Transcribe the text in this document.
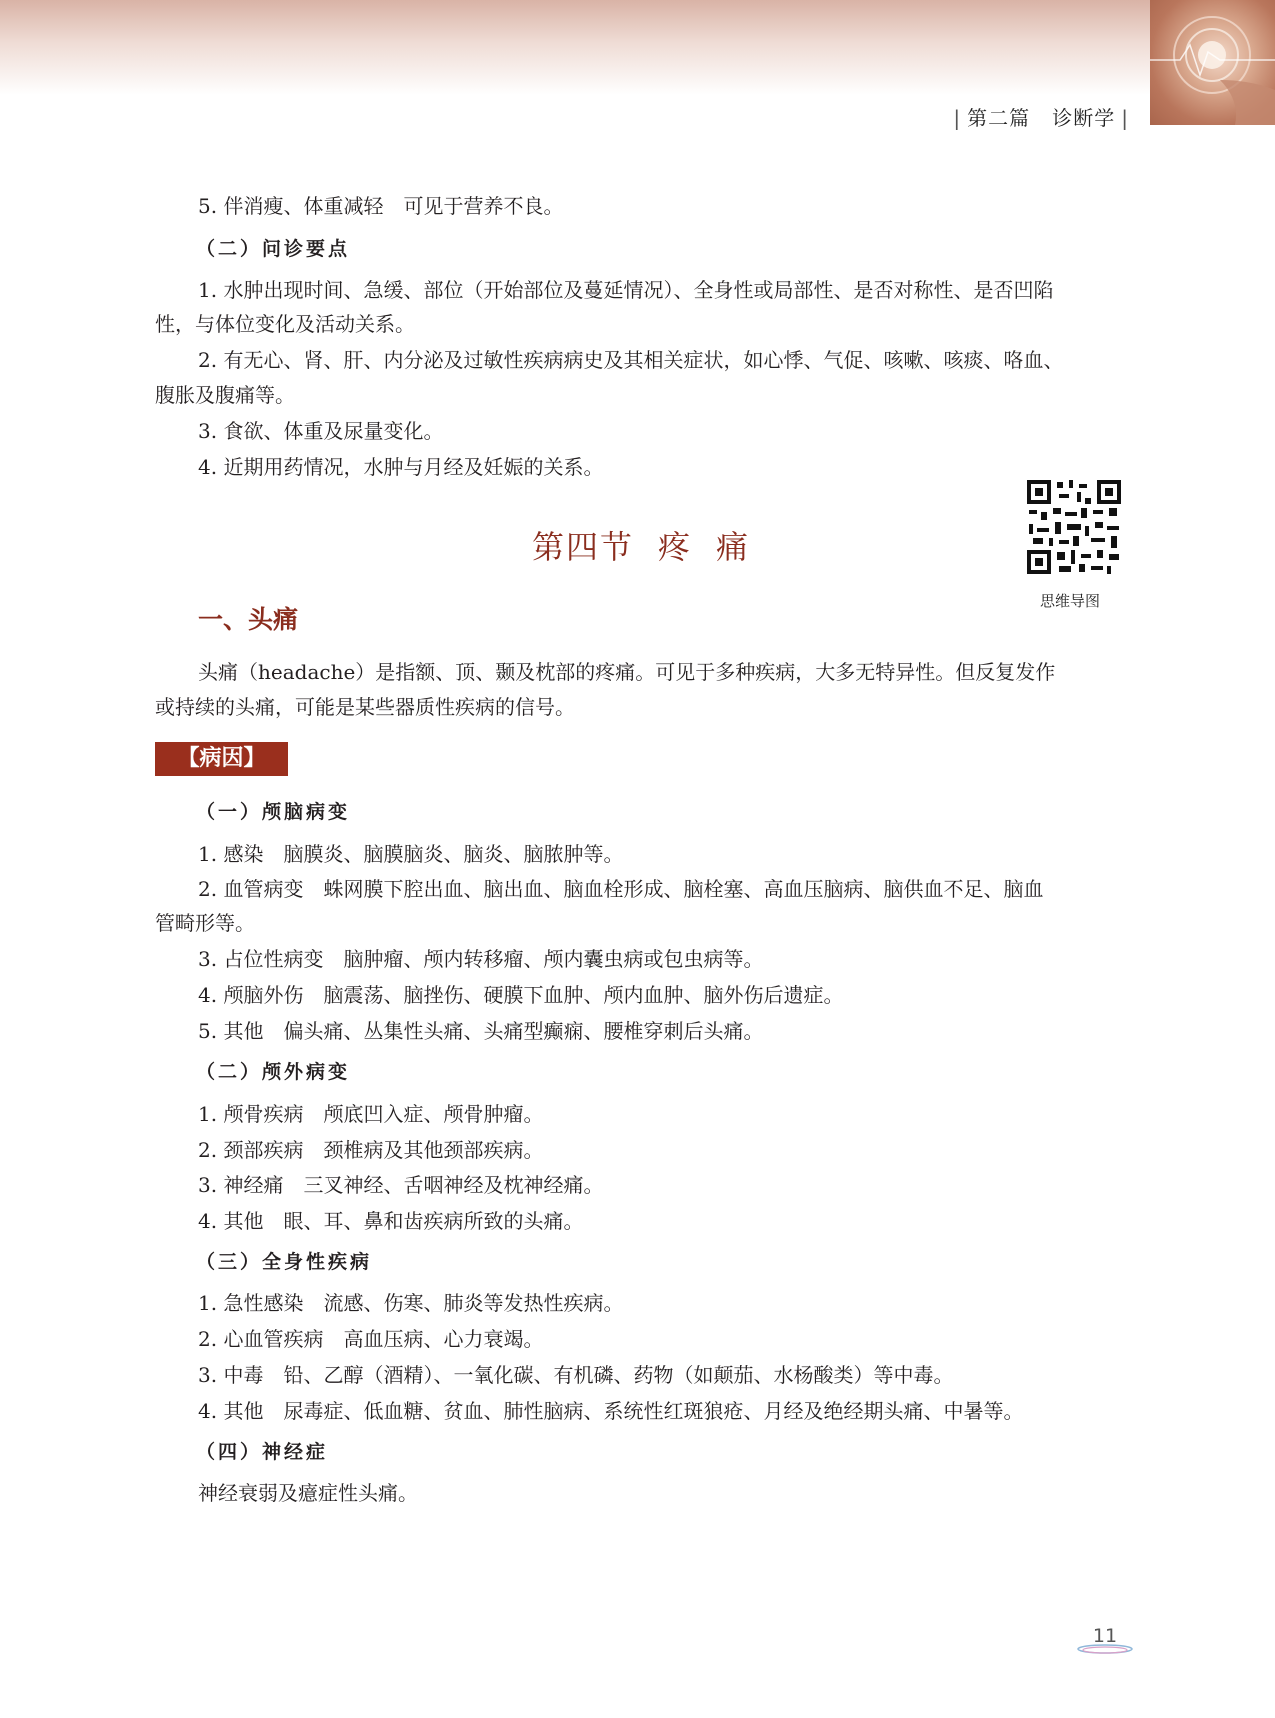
| 第二篇 诊断学 |
5. 伴消瘦、体重减轻　可见于营养不良。
（二）问诊要点
1. 水肿出现时间、急缓、部位（开始部位及蔓延情况）、全身性或局部性、是否对称性、是否凹陷
性，与体位变化及活动关系。
2. 有无心、肾、肝、内分泌及过敏性疾病病史及其相关症状，如心悸、气促、咳嗽、咳痰、咯血、
腹胀及腹痛等。
3. 食欲、体重及尿量变化。
4. 近期用药情况，水肿与月经及妊娠的关系。
思维导图
第四节 疼 痛
一、头痛
头痛（headache）是指额、顶、颞及枕部的疼痛。可见于多种疾病，大多无特异性。但反复发作
或持续的头痛，可能是某些器质性疾病的信号。
【病因】
（一）颅脑病变
1. 感染　脑膜炎、脑膜脑炎、脑炎、脑脓肿等。
2. 血管病变　蛛网膜下腔出血、脑出血、脑血栓形成、脑栓塞、高血压脑病、脑供血不足、脑血
管畸形等。
3. 占位性病变　脑肿瘤、颅内转移瘤、颅内囊虫病或包虫病等。
4. 颅脑外伤　脑震荡、脑挫伤、硬膜下血肿、颅内血肿、脑外伤后遗症。
5. 其他　偏头痛、丛集性头痛、头痛型癫痫、腰椎穿刺后头痛。
（二）颅外病变
1. 颅骨疾病　颅底凹入症、颅骨肿瘤。
2. 颈部疾病　颈椎病及其他颈部疾病。
3. 神经痛　三叉神经、舌咽神经及枕神经痛。
4. 其他　眼、耳、鼻和齿疾病所致的头痛。
（三）全身性疾病
1. 急性感染　流感、伤寒、肺炎等发热性疾病。
2. 心血管疾病　高血压病、心力衰竭。
3. 中毒　铅、乙醇（酒精）、一氧化碳、有机磷、药物（如颠茄、水杨酸类）等中毒。
4. 其他　尿毒症、低血糖、贫血、肺性脑病、系统性红斑狼疮、月经及绝经期头痛、中暑等。
（四）神经症
神经衰弱及癔症性头痛。
11
